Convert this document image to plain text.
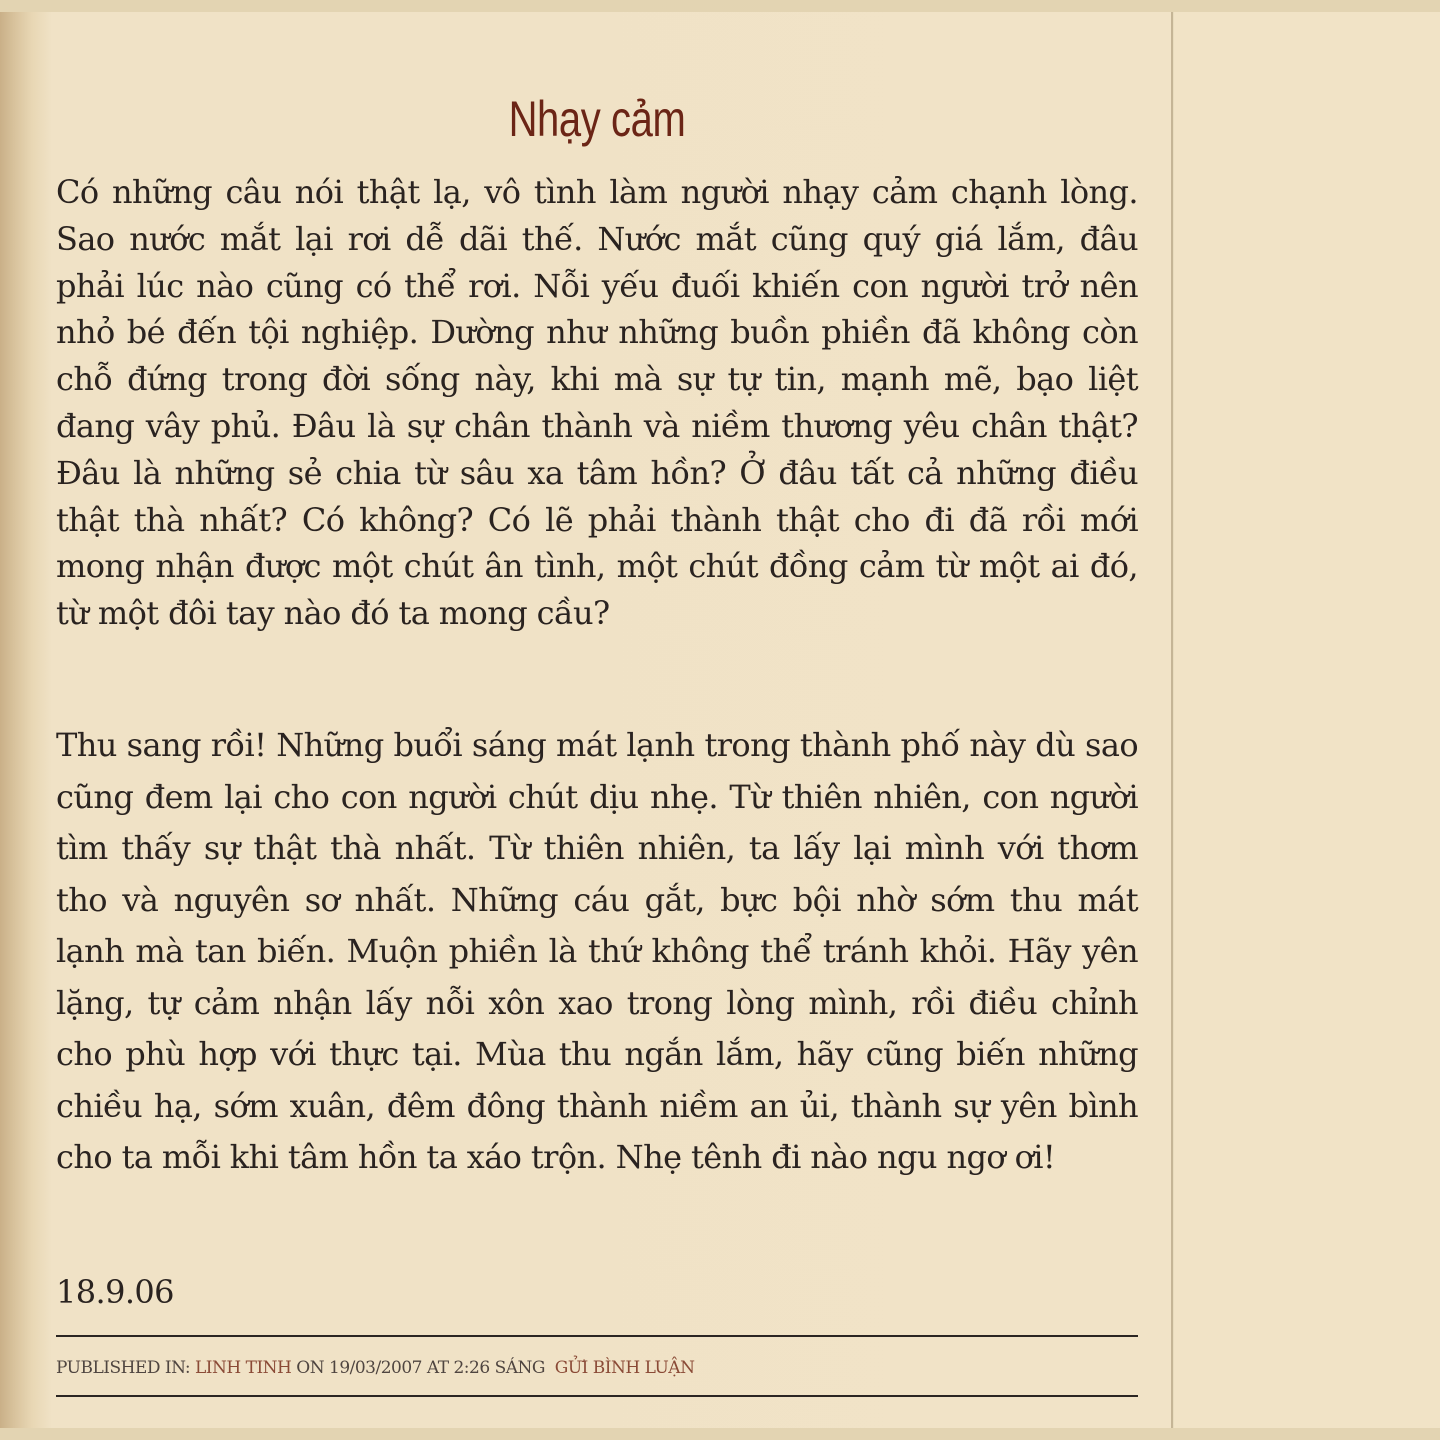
Nhạy cảm

Có những câu nói thật lạ, vô tình làm người nhạy cảm chạnh lòng. Sao nước mắt lại rơi dễ dãi thế. Nước mắt cũng quý giá lắm, đâu phải lúc nào cũng có thể rơi. Nỗi yếu đuối khiến con người trở nên nhỏ bé đến tội nghiệp. Dường như những buồn phiền đã không còn chỗ đứng trong đời sống này, khi mà sự tự tin, mạnh mẽ, bạo liệt đang vây phủ. Đâu là sự chân thành và niềm thương yêu chân thật? Đâu là những sẻ chia từ sâu xa tâm hồn? Ở đâu tất cả những điều thật thà nhất? Có không? Có lẽ phải thành thật cho đi đã rồi mới mong nhận được một chút ân tình, một chút đồng cảm từ một ai đó, từ một đôi tay nào đó ta mong cầu?

Thu sang rồi! Những buổi sáng mát lạnh trong thành phố này dù sao cũng đem lại cho con người chút dịu nhẹ. Từ thiên nhiên, con người tìm thấy sự thật thà nhất. Từ thiên nhiên, ta lấy lại mình với thơm tho và nguyên sơ nhất. Những cáu gắt, bực bội nhờ sớm thu mát lạnh mà tan biến. Muộn phiền là thứ không thể tránh khỏi. Hãy yên lặng, tự cảm nhận lấy nỗi xôn xao trong lòng mình, rồi điều chỉnh cho phù hợp với thực tại. Mùa thu ngắn lắm, hãy cũng biến những chiều hạ, sớm xuân, đêm đông thành niềm an ủi, thành sự yên bình cho ta mỗi khi tâm hồn ta xáo trộn. Nhẹ tênh đi nào ngu ngơ ơi!

18.9.06

PUBLISHED IN: LINH TINH ON 19/03/2007 AT 2:26 SÁNG GỬI BÌNH LUẬN
